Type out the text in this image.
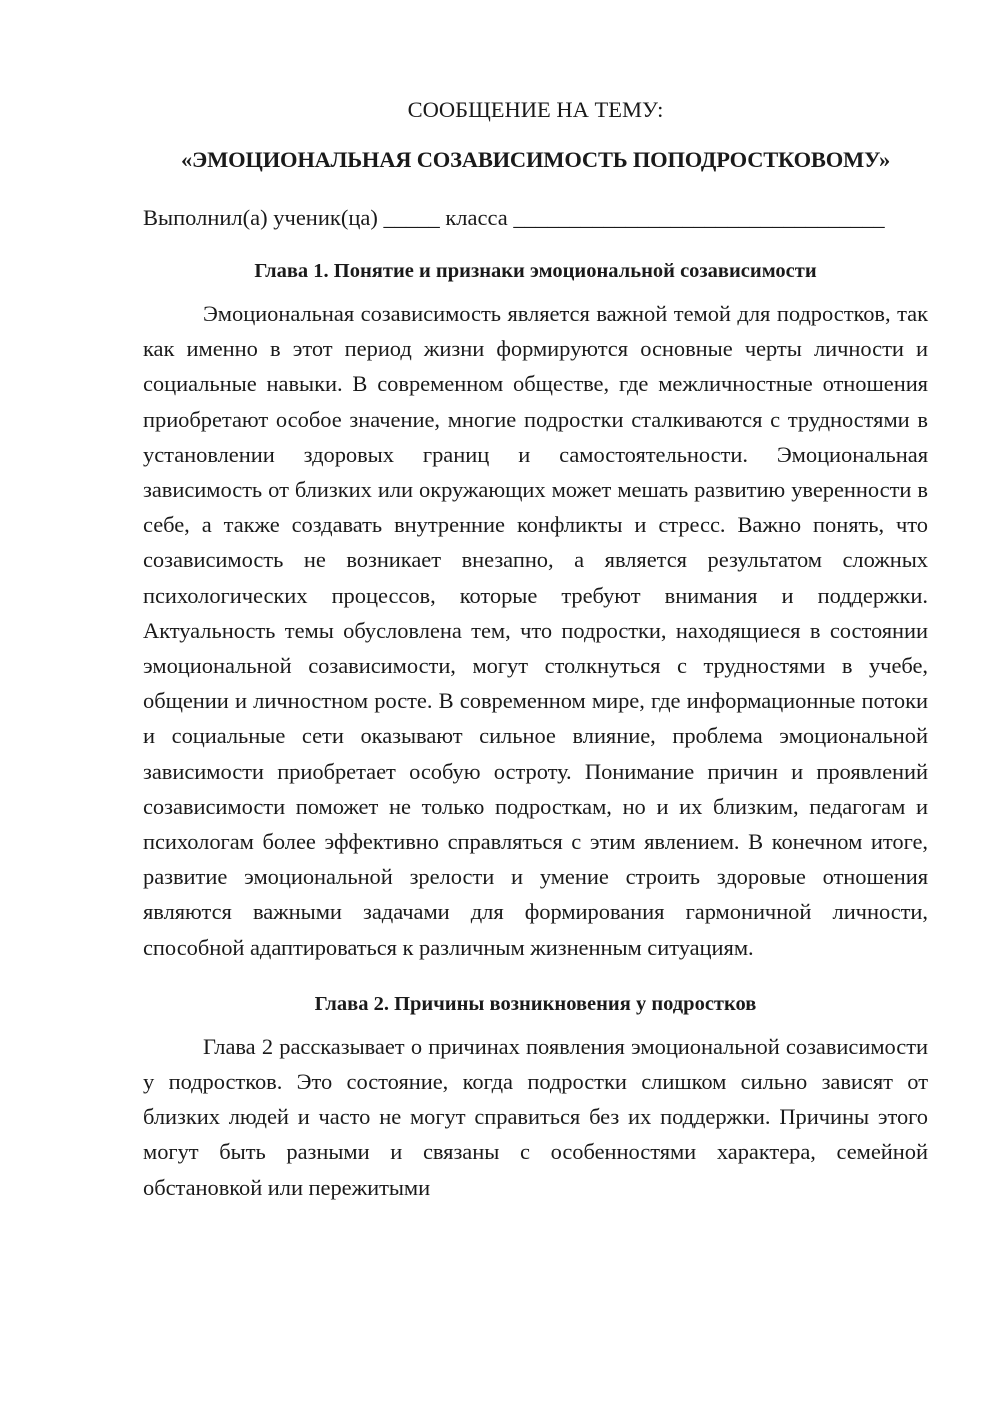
СООБЩЕНИЕ НА ТЕМУ:

«ЭМОЦИОНАЛЬНАЯ СОЗАВИСИМОСТЬ ПОПОДРОСТКОВОМУ»

Выполнил(а) ученик(ца) _____ класса _________________________________
Глава 1. Понятие и признаки эмоциональной созависимости

Эмоциональная созависимость является важной темой для подростков, так как именно в этот период жизни формируются основные черты личности и социальные навыки. В современном обществе, где межличностные отношения приобретают особое значение, многие подростки сталкиваются с трудностями в установлении здоровых границ и самостоятельности. Эмоциональная зависимость от близких или окружающих может мешать развитию уверенности в себе, а также создавать внутренние конфликты и стресс. Важно понять, что созависимость не возникает внезапно, а является результатом сложных психологических процессов, которые требуют внимания и поддержки. Актуальность темы обусловлена тем, что подростки, находящиеся в состоянии эмоциональной созависимости, могут столкнуться с трудностями в учебе, общении и личностном росте. В современном мире, где информационные потоки и социальные сети оказывают сильное влияние, проблема эмоциональной зависимости приобретает особую остроту. Понимание причин и проявлений созависимости поможет не только подросткам, но и их близким, педагогам и психологам более эффективно справляться с этим явлением. В конечном итоге, развитие эмоциональной зрелости и умение строить здоровые отношения являются важными задачами для формирования гармоничной личности, способной адаптироваться к различным жизненным ситуациям.

Глава 2. Причины возникновения у подростков

Глава 2 рассказывает о причинах появления эмоциональной созависимости у подростков. Это состояние, когда подростки слишком сильно зависят от близких людей и часто не могут справиться без их поддержки. Причины этого могут быть разными и связаны с особенностями характера, семейной обстановкой или пережитыми
